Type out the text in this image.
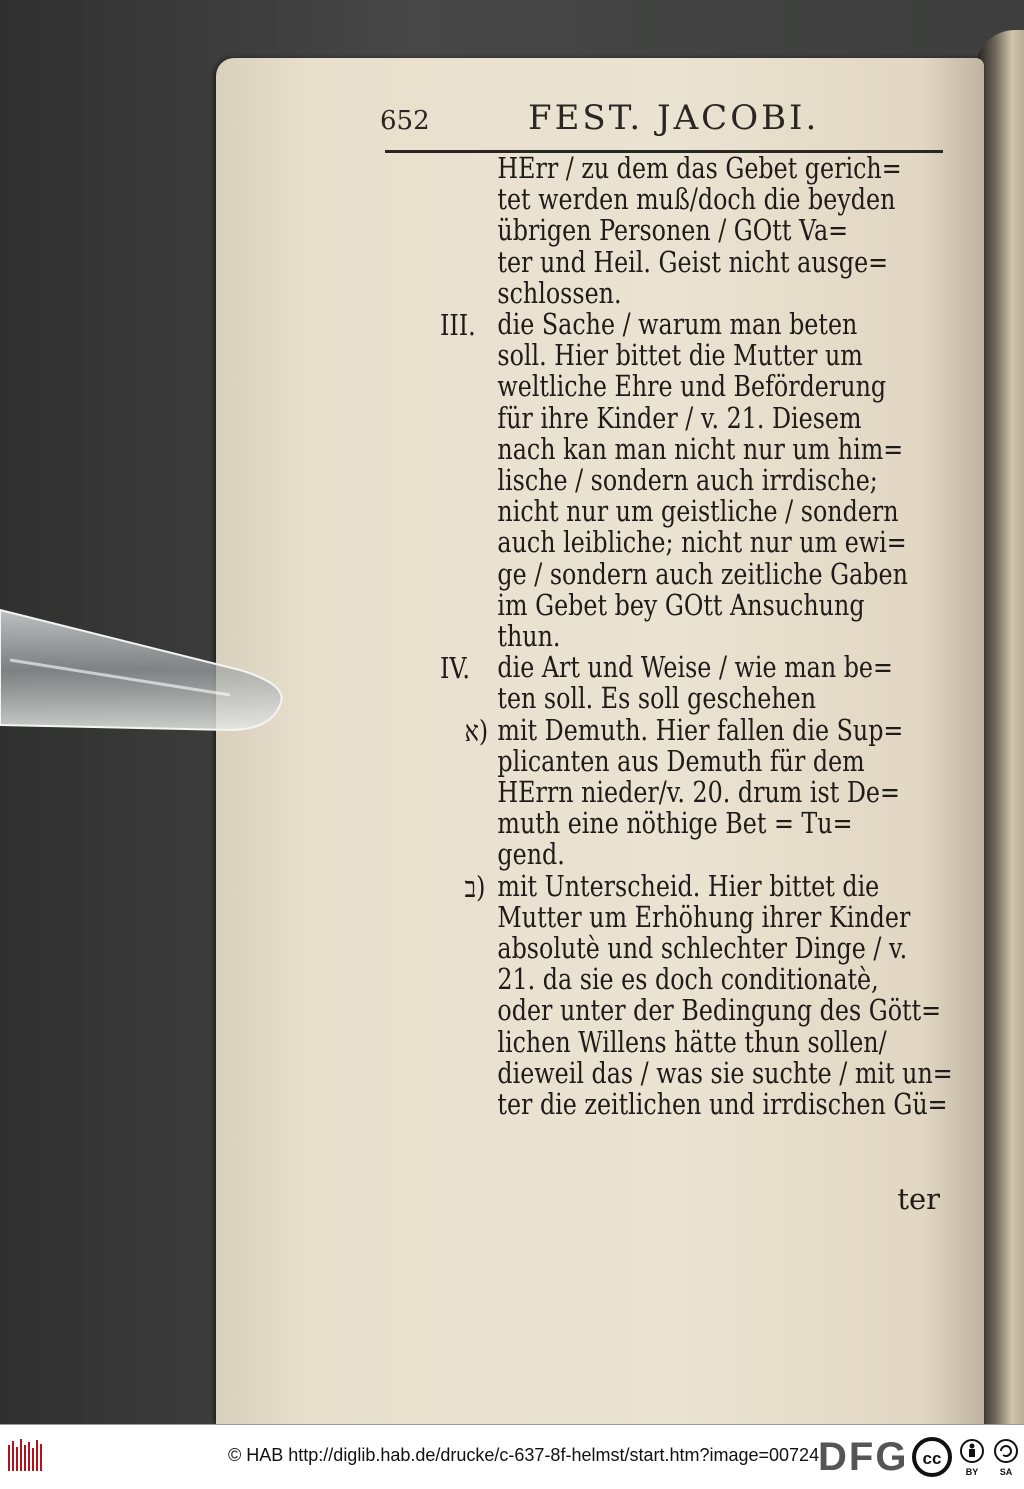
652	FEST. JACOBI.
HErr / zu dem das Gebet gerich=
tet werden muß/doch die beyden
übrigen Personen / GOtt Va=
ter und Heil. Geist nicht ausge=
schlossen.
III. die Sache / warum man beten
soll. Hier bittet die Mutter um
weltliche Ehre und Beförderung
für ihre Kinder / v. 21. Diesem
nach kan man nicht nur um him=
lische / sondern auch irrdische;
nicht nur um geistliche / sondern
auch leibliche; nicht nur um ewi=
ge / sondern auch zeitliche Gaben
im Gebet bey GOtt Ansuchung
thun.
IV. die Art und Weise / wie man be=
ten soll. Es soll geschehen
א) mit Demuth. Hier fallen die Sup=
plicanten aus Demuth für dem
HErrn nieder/v. 20. drum ist De=
muth eine nöthige Bet = Tu=
gend.
ב) mit Unterscheid. Hier bittet die
Mutter um Erhöhung ihrer Kinder
absolutè und schlechter Dinge / v.
21. da sie es doch conditionatè,
oder unter der Bedingung des Gött=
lichen Willens hätte thun sollen/
dieweil das / was sie suchte / mit un=
ter die zeitlichen und irrdischen Gü=
ter
© HAB http://diglib.hab.de/drucke/c-637-8f-helmst/start.htm?image=00724
DFG cc
BY SA
